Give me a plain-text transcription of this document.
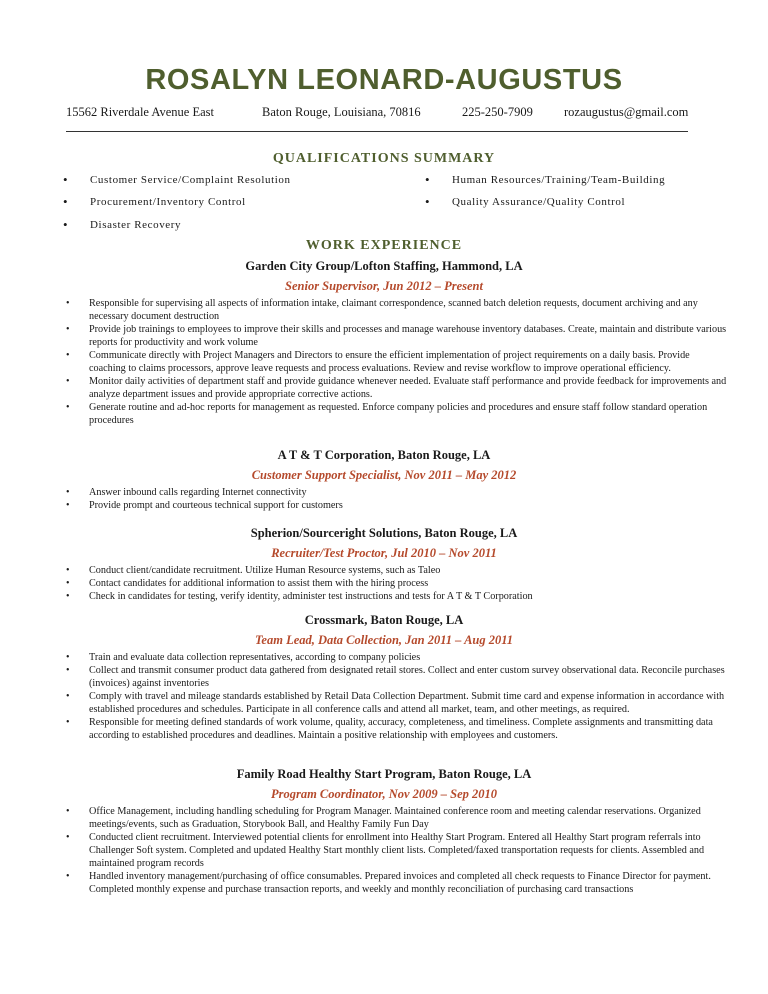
ROSALYN LEONARD-AUGUSTUS
15562 Riverdale Avenue East	Baton Rouge, Louisiana, 70816	225-250-7909 rozaugustus@gmail.com
QUALIFICATIONS SUMMARY
• Customer Service/Complaint Resolution
• Procurement/Inventory Control
• Disaster Recovery
• Human Resources/Training/Team-Building
• Quality Assurance/Quality Control
WORK EXPERIENCE

Garden City Group/Lofton Staffing, Hammond, LA

Senior Supervisor, Jun 2012 – Present

• Responsible for supervising all aspects of information intake, claimant correspondence, scanned batch deletion requests, document archiving and any necessary document destruction
• Provide job trainings to employees to improve their skills and processes and manage warehouse inventory databases. Create, maintain and distribute various reports for productivity and work volume
• Communicate directly with Project Managers and Directors to ensure the efficient implementation of project requirements on a daily basis. Provide coaching to claims processors, approve leave requests and process evaluations. Review and revise workflow to improve operational efficiency.
• Monitor daily activities of department staff and provide guidance whenever needed. Evaluate staff performance and provide feedback for improvements and analyze department issues and provide appropriate corrective actions.
• Generate routine and ad-hoc reports for management as requested. Enforce company policies and procedures and ensure staff follow standard operation procedures

A T & T Corporation, Baton Rouge, LA

Customer Support Specialist, Nov 2011 – May 2012

• Answer inbound calls regarding Internet connectivity
• Provide prompt and courteous technical support for customers

Spherion/Sourceright Solutions, Baton Rouge, LA

Recruiter/Test Proctor, Jul 2010 – Nov 2011

• Conduct client/candidate recruitment. Utilize Human Resource systems, such as Taleo
• Contact candidates for additional information to assist them with the hiring process
• Check in candidates for testing, verify identity, administer test instructions and tests for A T & T Corporation

Crossmark, Baton Rouge, LA

Team Lead, Data Collection, Jan 2011 – Aug 2011

• Train and evaluate data collection representatives, according to company policies
• Collect and transmit consumer product data gathered from designated retail stores. Collect and enter custom survey observational data. Reconcile purchases (invoices) against inventories
• Comply with travel and mileage standards established by Retail Data Collection Department. Submit time card and expense information in accordance with established procedures and schedules. Participate in all conference calls and attend all market, team, and other meetings, as required.
• Responsible for meeting defined standards of work volume, quality, accuracy, completeness, and timeliness. Complete assignments and transmitting data according to established procedures and deadlines. Maintain a positive relationship with employees and customers.

Family Road Healthy Start Program, Baton Rouge, LA

Program Coordinator, Nov 2009 – Sep 2010

• Office Management, including handling scheduling for Program Manager. Maintained conference room and meeting calendar reservations. Organized meetings/events, such as Graduation, Storybook Ball, and Healthy Family Fun Day
• Conducted client recruitment. Interviewed potential clients for enrollment into Healthy Start Program. Entered all Healthy Start program referrals into Challenger Soft system. Completed and updated Healthy Start monthly client lists. Completed/faxed transportation requests for clients. Assembled and maintained program records
• Handled inventory management/purchasing of office consumables. Prepared invoices and completed all check requests to Finance Director for payment. Completed monthly expense and purchase transaction reports, and weekly and monthly reconciliation of purchasing card transactions
